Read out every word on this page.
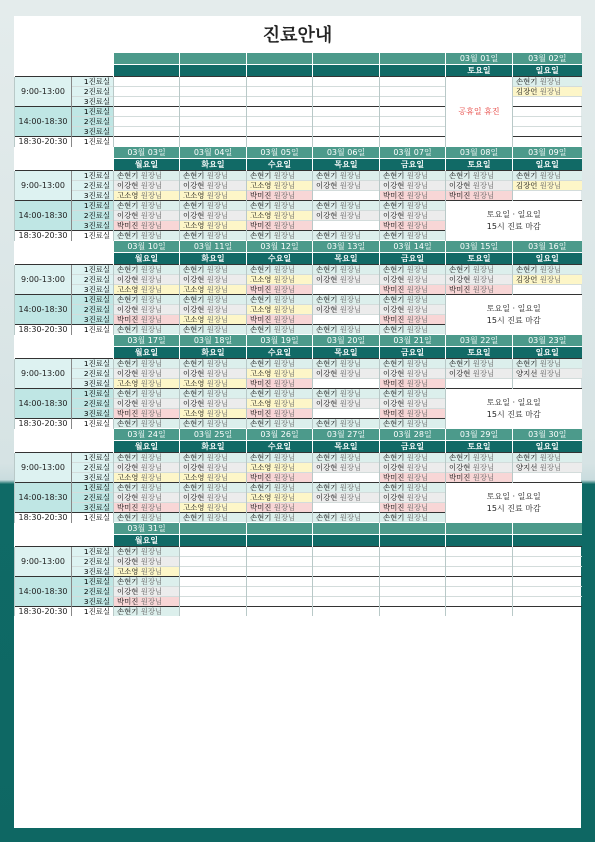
진료안내
							03월 01일	03월 02일
							토요일	일요일
9:00-13:00	1진료실						공휴일 휴진	손현기 원장님
	2진료실							김장언 원장님
	3진료실							
14:00-18:30	1진료실							
	2진료실							
	3진료실							
18:30-20:30	1진료실							
		03월 03일	03월 04일	03월 05일	03월 06일	03월 07일	03월 08일	03월 09일
		월요일	화요일	수요일	목요일	금요일	토요일	일요일
9:00-13:00	1진료실	손현기 원장님	손현기 원장님	손현기 원장님	손현기 원장님	손현기 원장님	손현기 원장님	손현기 원장님
	2진료실	이강현 원장님	이강현 원장님	고소영 원장님	이강현 원장님	이강현 원장님	이강현 원장님	김장언 원장님
	3진료실	고소영 원장님	고소영 원장님	박미진 원장님		박미진 원장님	박미진 원장님	
14:00-18:30	1진료실	손현기 원장님	손현기 원장님	손현기 원장님	손현기 원장님	손현기 원장님	토요일 · 일요일
15시 진료 마감	

	2진료실	이강현 원장님	이강현 원장님	고소영 원장님	이강현 원장님	이강현 원장님		
	3진료실	박미진 원장님	고소영 원장님	박미진 원장님		박미진 원장님		
18:30-20:30	1진료실	손현기 원장님	손현기 원장님	손현기 원장님	손현기 원장님	손현기 원장님		
		03월 10일	03월 11일	03월 12일	03월 13일	03월 14일	03월 15일	03월 16일
		월요일	화요일	수요일	목요일	금요일	토요일	일요일
9:00-13:00	1진료실	손현기 원장님	손현기 원장님	손현기 원장님	손현기 원장님	손현기 원장님	손현기 원장님	손현기 원장님
	2진료실	이강현 원장님	이강현 원장님	고소영 원장님	이강현 원장님	이강현 원장님	이강현 원장님	김장언 원장님
	3진료실	고소영 원장님	고소영 원장님	박미진 원장님		박미진 원장님	박미진 원장님	
14:00-18:30	1진료실	손현기 원장님	손현기 원장님	손현기 원장님	손현기 원장님	손현기 원장님	토요일 · 일요일
15시 진료 마감	

	2진료실	이강현 원장님	이강현 원장님	고소영 원장님	이강현 원장님	이강현 원장님		
	3진료실	박미진 원장님	고소영 원장님	박미진 원장님		박미진 원장님		
18:30-20:30	1진료실	손현기 원장님	손현기 원장님	손현기 원장님	손현기 원장님	손현기 원장님		
		03월 17일	03월 18일	03월 19일	03월 20일	03월 21일	03월 22일	03월 23일
		월요일	화요일	수요일	목요일	금요일	토요일	일요일
9:00-13:00	1진료실	손현기 원장님	손현기 원장님	손현기 원장님	손현기 원장님	손현기 원장님	손현기 원장님	손현기 원장님
	2진료실	이강현 원장님	이강현 원장님	고소영 원장님	이강현 원장님	이강현 원장님	이강현 원장님	양지선 원장님
	3진료실	고소영 원장님	고소영 원장님	박미진 원장님		박미진 원장님		
14:00-18:30	1진료실	손현기 원장님	손현기 원장님	손현기 원장님	손현기 원장님	손현기 원장님	토요일 · 일요일
15시 진료 마감	

	2진료실	이강현 원장님	이강현 원장님	고소영 원장님	이강현 원장님	이강현 원장님		
	3진료실	박미진 원장님	고소영 원장님	박미진 원장님		박미진 원장님		
18:30-20:30	1진료실	손현기 원장님	손현기 원장님	손현기 원장님	손현기 원장님	손현기 원장님		
		03월 24일	03월 25일	03월 26일	03월 27일	03월 28일	03월 29일	03월 30일
		월요일	화요일	수요일	목요일	금요일	토요일	일요일
9:00-13:00	1진료실	손현기 원장님	손현기 원장님	손현기 원장님	손현기 원장님	손현기 원장님	손현기 원장님	손현기 원장님
	2진료실	이강현 원장님	이강현 원장님	고소영 원장님	이강현 원장님	이강현 원장님	이강현 원장님	양지선 원장님
	3진료실	고소영 원장님	고소영 원장님	박미진 원장님		박미진 원장님	박미진 원장님	
14:00-18:30	1진료실	손현기 원장님	손현기 원장님	손현기 원장님	손현기 원장님	손현기 원장님	토요일 · 일요일
15시 진료 마감	

	2진료실	이강현 원장님	이강현 원장님	고소영 원장님	이강현 원장님	이강현 원장님		
	3진료실	박미진 원장님	고소영 원장님	박미진 원장님		박미진 원장님		
18:30-20:30	1진료실	손현기 원장님	손현기 원장님	손현기 원장님	손현기 원장님	손현기 원장님		
		03월 31일						
		월요일						
9:00-13:00	1진료실	손현기 원장님						
	2진료실	이강현 원장님						
	3진료실	고소영 원장님						
14:00-18:30	1진료실	손현기 원장님						
	2진료실	이강현 원장님						
	3진료실	박미진 원장님						
18:30-20:30	1진료실	손현기 원장님						
